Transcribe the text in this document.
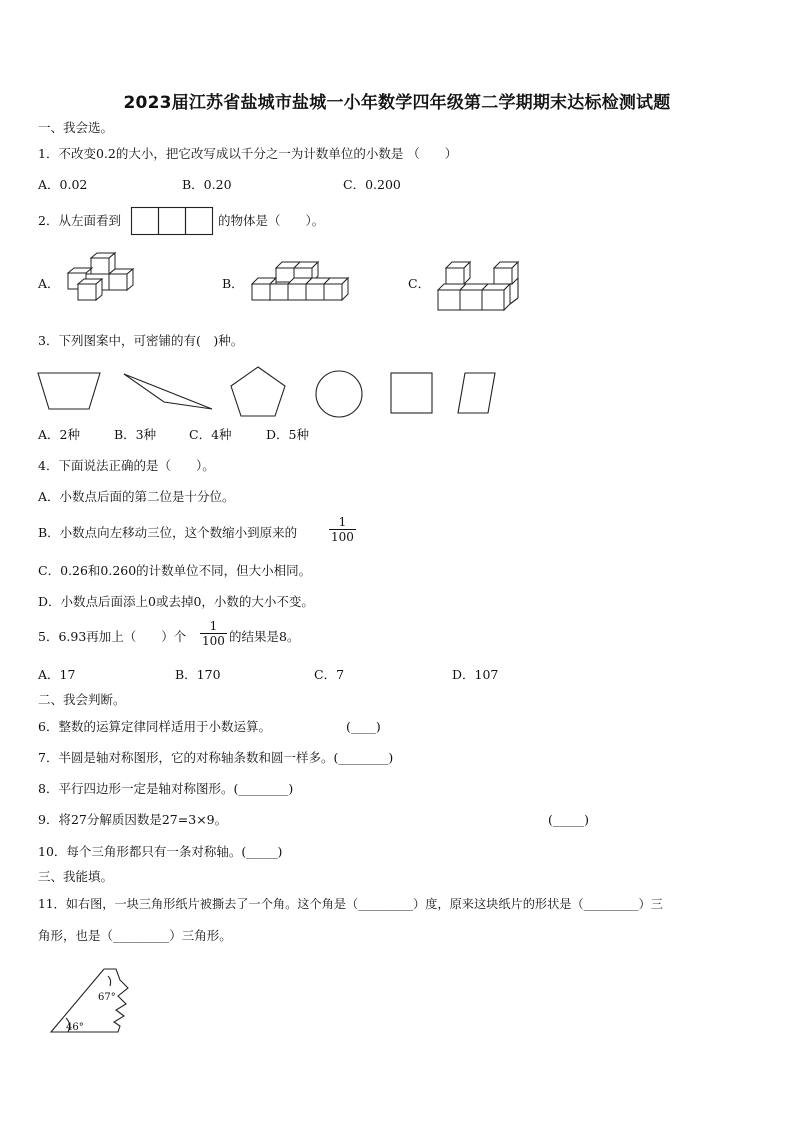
2023届江苏省盐城市盐城一小年数学四年级第二学期期末达标检测试题
一、我会选。
1．不改变0.2的大小，把它改写成以千分之一为计数单位的小数是 （　　）
A．0.02	B．0.20	C．0.200
2．从左面看到	的物体是（　　）。
A．	B．	C．
3．下列图案中，可密铺的有(　)种。
A．2种	B．3种	C．4种	D．5种
4．下面说法正确的是（　　）。
A．小数点后面的第二位是十分位。
B．小数点向左移动三位，这个数缩小到原来的	$\frac{1}{100}$
C．0.26和0.260的计数单位不同，但大小相同。
D．小数点后面添上0或去掉0，小数的大小不变。
5．6.93再加上（　　）个 $\frac{1}{100}$ 的结果是8。
A．17	B．170	C．7	D．107
二、我会判断。
6．整数的运算定律同样适用于小数运算。	(____)
7．半圆是轴对称图形，它的对称轴条数和圆一样多。(________)
8．平行四边形一定是轴对称图形。(________)
9．将27分解质因数是27=3×9。	(_____)
10．每个三角形都只有一条对称轴。(_____)
三、我能填。
11．如右图，一块三角形纸片被撕去了一个角。这个角是（_________）度，原来这块纸片的形状是（_________）三
角形，也是（_________）三角形。
67°
46°
